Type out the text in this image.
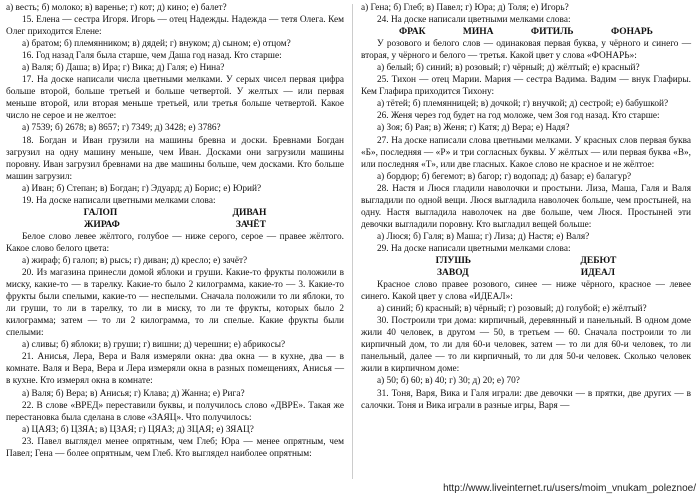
а) весть; б) молоко; в) варенье; г) кот; д) кино; е) балет?

15. Елена — сестра Игоря. Игорь — отец Надежды. Надежда — тетя Олега. Кем Олег приходится Елене:

а) братом; б) племянником; в) дядей; г) внуком; д) сыном; е) отцом?

16. Год назад Галя была старше, чем Даша год назад. Кто старше:

а) Валя; б) Даша; в) Ира; г) Вика; д) Галя; е) Нина?

17. На доске написали числа цветными мелками. У серых чисел первая цифра больше второй, больше третьей и больше четвертой. У желтых — или первая меньше второй, или вторая меньше третьей, или третья больше четвертой. Какое число не серое и не желтое:

а) 7539; б) 2678; в) 8657; г) 7349; д) 3428; е) 3786?

18. Богдан и Иван грузили на машины бревна и доски. Бревнами Богдан загрузил на одну машину меньше, чем Иван. Досками они загрузили машины поровну. Иван загрузил бревнами на две машины больше, чем досками. Кто больше машин загрузил:

а) Иван; б) Степан; в) Богдан; г) Эдуард; д) Борис; е) Юрий?

19. На доске написали цветными мелками слова:

ГАЛОП	ДИВАН
ЖИРАФ	ЗАЧЁТ

Белое слово левее жёлтого, голубое — ниже серого, серое — правее жёлтого. Какое слово белого цвета:

а) жираф; б) галоп; в) рысь; г) диван; д) кресло; е) зачёт?

20. Из магазина принесли домой яблоки и груши. Какие-то фрукты положили в миску, какие-то — в тарелку. Какие-то было 2 килограмма, какие-то — 3. Какие-то фрукты были спелыми, какие-то — неспелыми. Сначала положили то ли яблоки, то ли груши, то ли в тарелку, то ли в миску, то ли те фрукты, которых было 2 килограмма; затем — то ли 2 килограмма, то ли спелые. Какие фрукты были спелыми:

а) сливы; б) яблоки; в) груши; г) вишни; д) черешни; е) абрикосы?

21. Анисья, Лера, Вера и Валя измеряли окна: два окна — в кухне, два — в комнате. Валя и Вера, Вера и Лера измеряли окна в разных помещениях, Анисья — в кухне. Кто измерял окна в комнате:

а) Валя; б) Вера; в) Анисья; г) Клава; д) Жанна; е) Рига?

22. В слове «ВРЕД» переставили буквы, и получилось слово «ДВРЕ». Такая же перестановка была сделана в слове «ЗАЯЦ». Что получилось:

а) ЦАЯЗ; б) ЦЗЯА; в) ЦЗАЯ; г) ЦЯАЗ; д) ЗЦАЯ; е) ЗЯАЦ?

23. Павел выглядел менее опрятным, чем Глеб; Юра — менее опрятным, чем Павел; Гена — более опрятным, чем Глеб. Кто выглядел наиболее опрятным:

а) Гена; б) Глеб; в) Павел; г) Юра; д) Толя; е) Игорь?

24. На доске написали цветными мелками слова:

ФРАК	МИНА	ФИТИЛЬ	ФОНАРЬ

У розового и белого слов — одинаковая первая буква, у чёрного и синего — вторая, у чёрного и белого — третья. Какой цвет у слова «ФОНАРЬ»:

а) белый; б) синий; в) розовый; г) чёрный; д) жёлтый; е) красный?

25. Тихон — отец Марии. Мария — сестра Вадима. Вадим — внук Глафиры. Кем Глафира приходится Тихону:

а) тётей; б) племянницей; в) дочкой; г) внучкой; д) сестрой; е) бабушкой?

26. Женя через год будет на год моложе, чем Зоя год назад. Кто старше:

а) Зоя; б) Рая; в) Женя; г) Катя; д) Вера; е) Надя?

27. На доске написали слова цветными мелками. У красных слов первая буква «Б», последняя — «Р» и три согласных буквы. У жёлтых — или первая буква «В», или последняя «Т», или две гласных. Какое слово не красное и не жёлтое:

а) бордюр; б) бегемот; в) багор; г) водопад; д) базар; е) балагур?

28. Настя и Люся гладили наволочки и простыни. Лиза, Маша, Галя и Валя выгладили по одной вещи. Люся выгладила наволочек больше, чем простыней, на одну. Настя выгладила наволочек на две больше, чем Люся. Простыней эти девочки выгладили поровну. Кто выгладил вещей больше:

а) Люся; б) Галя; в) Маша; г) Лиза; д) Настя; е) Валя?

29. На доске написали цветными мелками слова:

ГЛУШЬ	ДЕБЮТ
ЗАВОД	ИДЕАЛ

Красное слово правее розового, синее — ниже чёрного, красное — левее синего. Какой цвет у слова «ИДЕАЛ»:

а) синий; б) красный; в) чёрный; г) розовый; д) голубой; е) жёлтый?

30. Построили три дома: кирпичный, деревянный и панельный. В одном доме жили 40 человек, в другом — 50, в третьем — 60. Сначала построили то ли кирпичный дом, то ли для 60-и человек, затем — то ли для 60-и человек, то ли панельный, далее — то ли кирпичный, то ли для 50-и человек. Сколько человек жили в кирпичном доме:

а) 50; б) 60; в) 40; г) 30; д) 20; е) 70?

31. Тоня, Варя, Вика и Галя играли: две девочки — в прятки, две других — в салочки. Тоня и Вика играли в разные игры, Варя —

http://www.liveinternet.ru/users/moim_vnukam_poleznoe/
